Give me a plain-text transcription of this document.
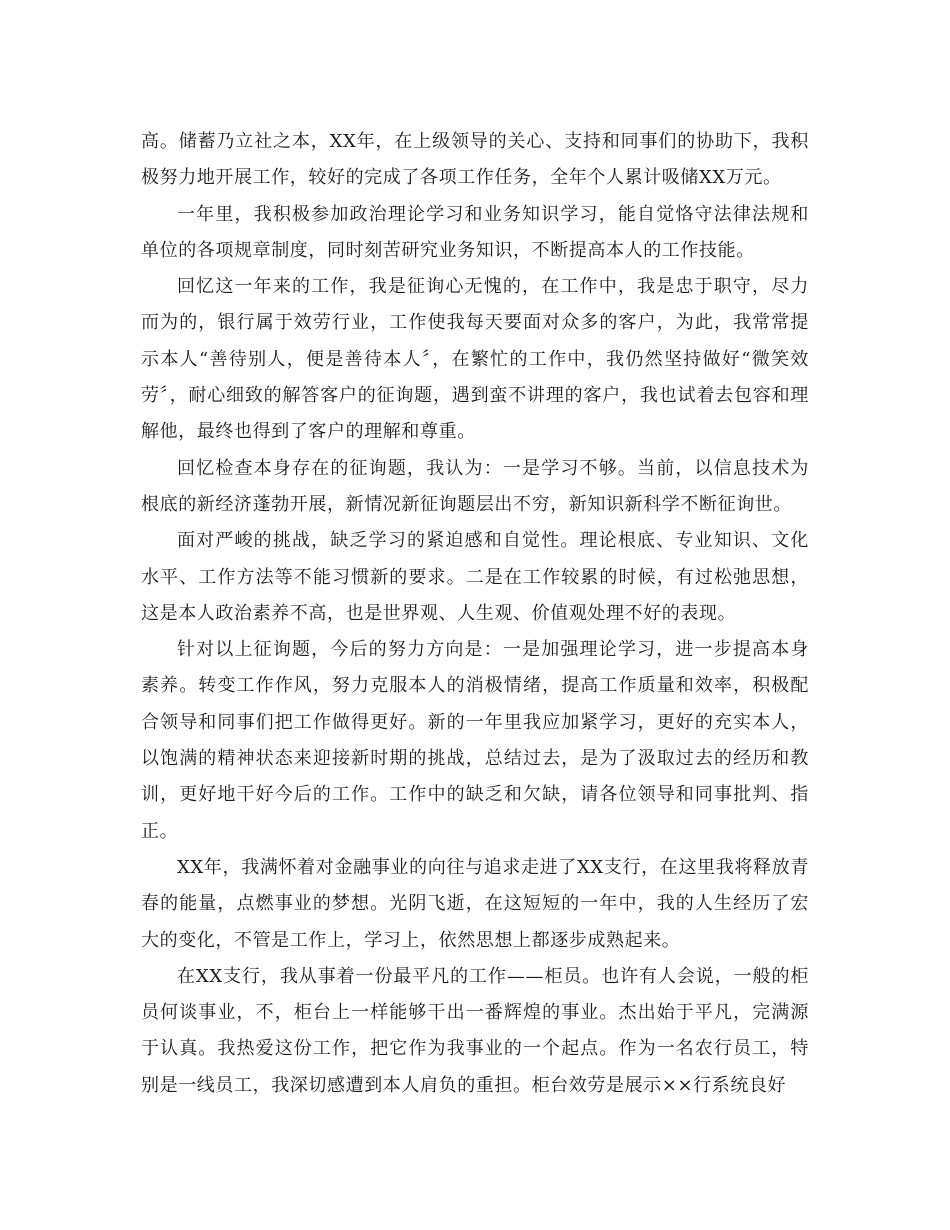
高。储蓄乃立社之本，XX年，在上级领导的关心、支持和同事们的协助下，我积极努力地开展工作，较好的完成了各项工作任务，全年个人累计吸储XX万元。

一年里，我积极参加政治理论学习和业务知识学习，能自觉恪守法律法规和单位的各项规章制度，同时刻苦研究业务知识，不断提高本人的工作技能。

回忆这一年来的工作，我是征询心无愧的，在工作中，我是忠于职守，尽力而为的，银行属于效劳行业，工作使我每天要面对众多的客户，为此，我常常提示本人“善待别人，便是善待本人〞，在繁忙的工作中，我仍然坚持做好“微笑效劳〞，耐心细致的解答客户的征询题，遇到蛮不讲理的客户，我也试着去包容和理解他，最终也得到了客户的理解和尊重。

回忆检查本身存在的征询题，我认为：一是学习不够。当前，以信息技术为根底的新经济蓬勃开展，新情况新征询题层出不穷，新知识新科学不断征询世。

面对严峻的挑战，缺乏学习的紧迫感和自觉性。理论根底、专业知识、文化水平、工作方法等不能习惯新的要求。二是在工作较累的时候，有过松弛思想，这是本人政治素养不高，也是世界观、人生观、价值观处理不好的表现。

针对以上征询题，今后的努力方向是：一是加强理论学习，进一步提高本身素养。转变工作作风，努力克服本人的消极情绪，提高工作质量和效率，积极配合领导和同事们把工作做得更好。新的一年里我应加紧学习，更好的充实本人，以饱满的精神状态来迎接新时期的挑战，总结过去，是为了汲取过去的经历和教训，更好地干好今后的工作。工作中的缺乏和欠缺，请各位领导和同事批判、指正。

XX年，我满怀着对金融事业的向往与追求走进了XX支行，在这里我将释放青春的能量，点燃事业的梦想。光阴飞逝，在这短短的一年中，我的人生经历了宏大的变化，不管是工作上，学习上，依然思想上都逐步成熟起来。

在XX支行，我从事着一份最平凡的工作——柜员。也许有人会说，一般的柜员何谈事业，不，柜台上一样能够干出一番辉煌的事业。杰出始于平凡，完满源于认真。我热爱这份工作，把它作为我事业的一个起点。作为一名农行员工，特别是一线员工，我深切感遭到本人肩负的重担。柜台效劳是展示××行系统良好
